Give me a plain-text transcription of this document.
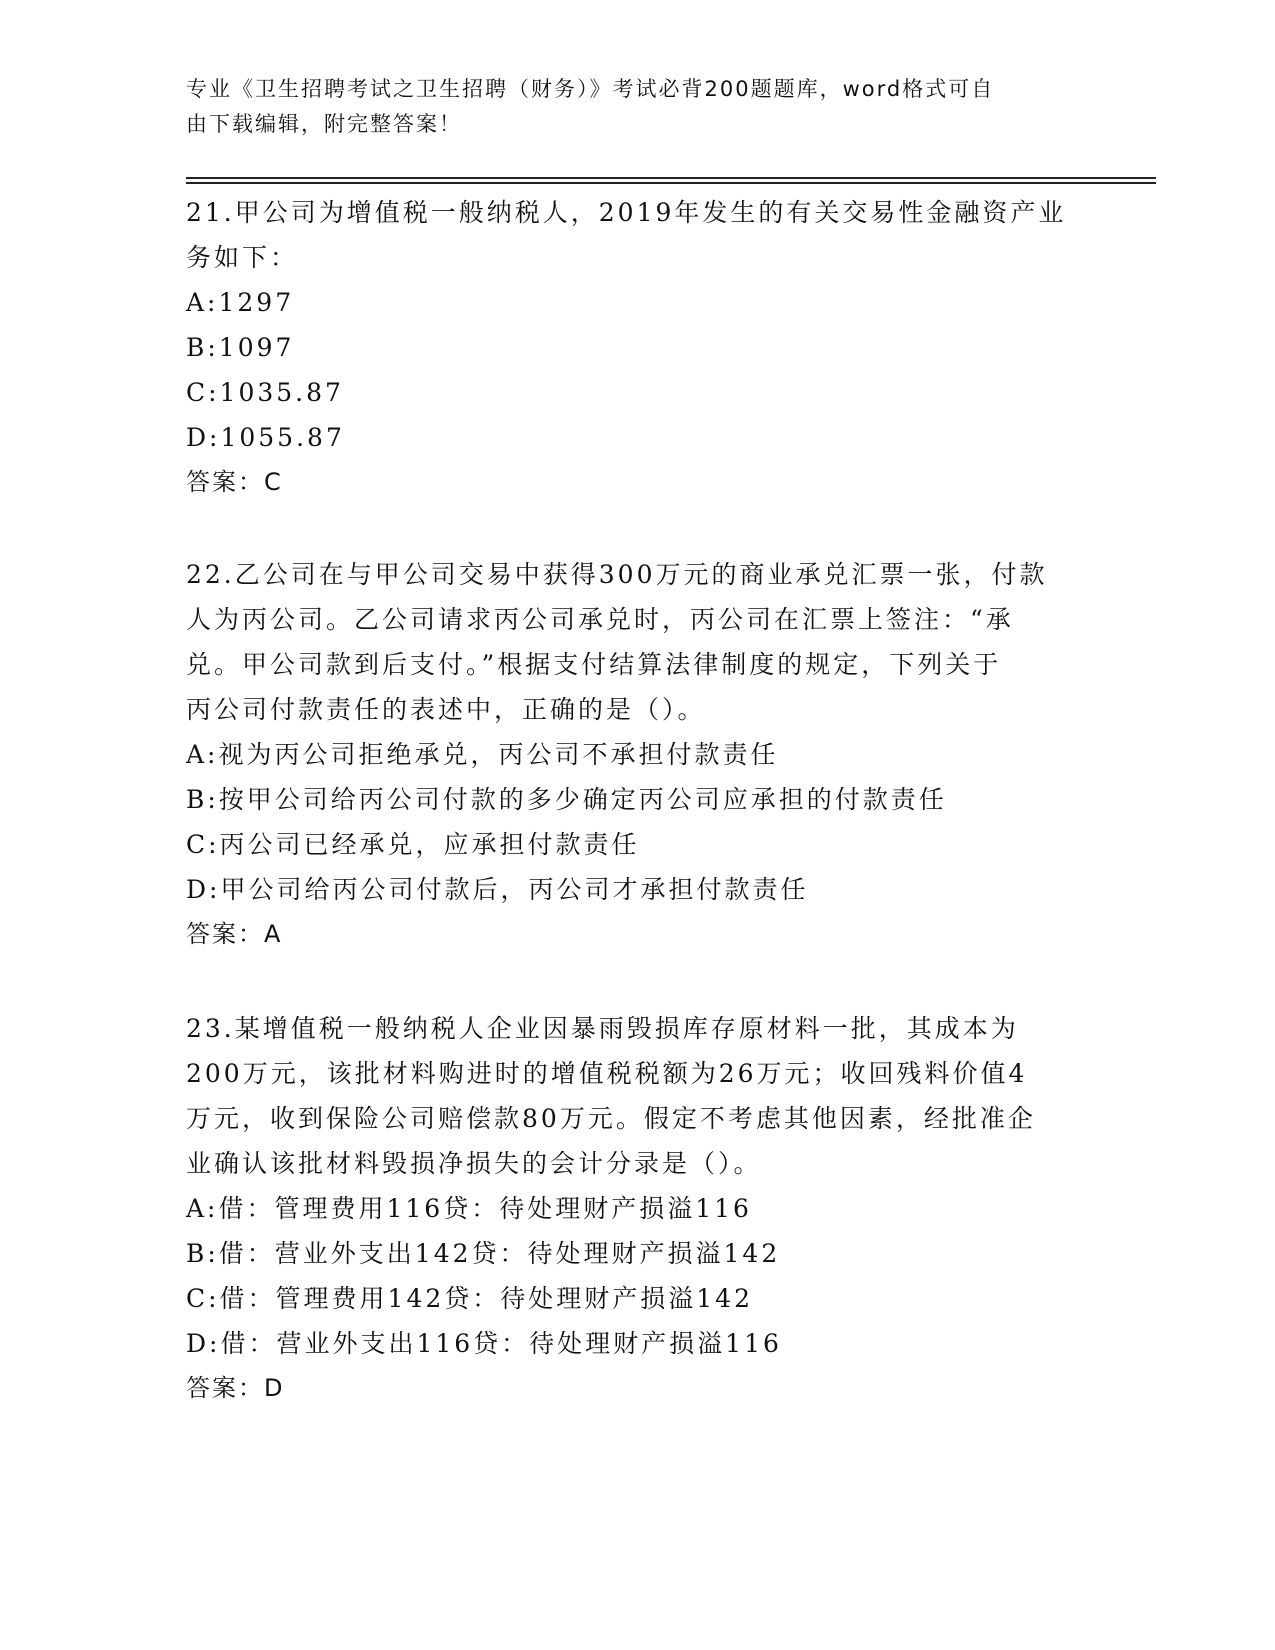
专业《卫生招聘考试之卫生招聘（财务）》考试必背200题题库，word格式可自
由下载编辑，附完整答案！
21.甲公司为增值税一般纳税人，2019年发生的有关交易性金融资产业
务如下：
A:1297
B:1097
C:1035.87
D:1055.87
答案：C
22.乙公司在与甲公司交易中获得300万元的商业承兑汇票一张，付款
人为丙公司。乙公司请求丙公司承兑时，丙公司在汇票上签注：“承
兑。甲公司款到后支付。”根据支付结算法律制度的规定，下列关于
丙公司付款责任的表述中，正确的是（）。
A:视为丙公司拒绝承兑，丙公司不承担付款责任
B:按甲公司给丙公司付款的多少确定丙公司应承担的付款责任
C:丙公司已经承兑，应承担付款责任
D:甲公司给丙公司付款后，丙公司才承担付款责任
答案：A
23.某增值税一般纳税人企业因暴雨毁损库存原材料一批，其成本为
200万元，该批材料购进时的增值税税额为26万元；收回残料价值4
万元，收到保险公司赔偿款80万元。假定不考虑其他因素，经批准企
业确认该批材料毁损净损失的会计分录是（）。
A:借：管理费用116贷：待处理财产损溢116
B:借：营业外支出142贷：待处理财产损溢142
C:借：管理费用142贷：待处理财产损溢142
D:借：营业外支出116贷：待处理财产损溢116
答案：D
